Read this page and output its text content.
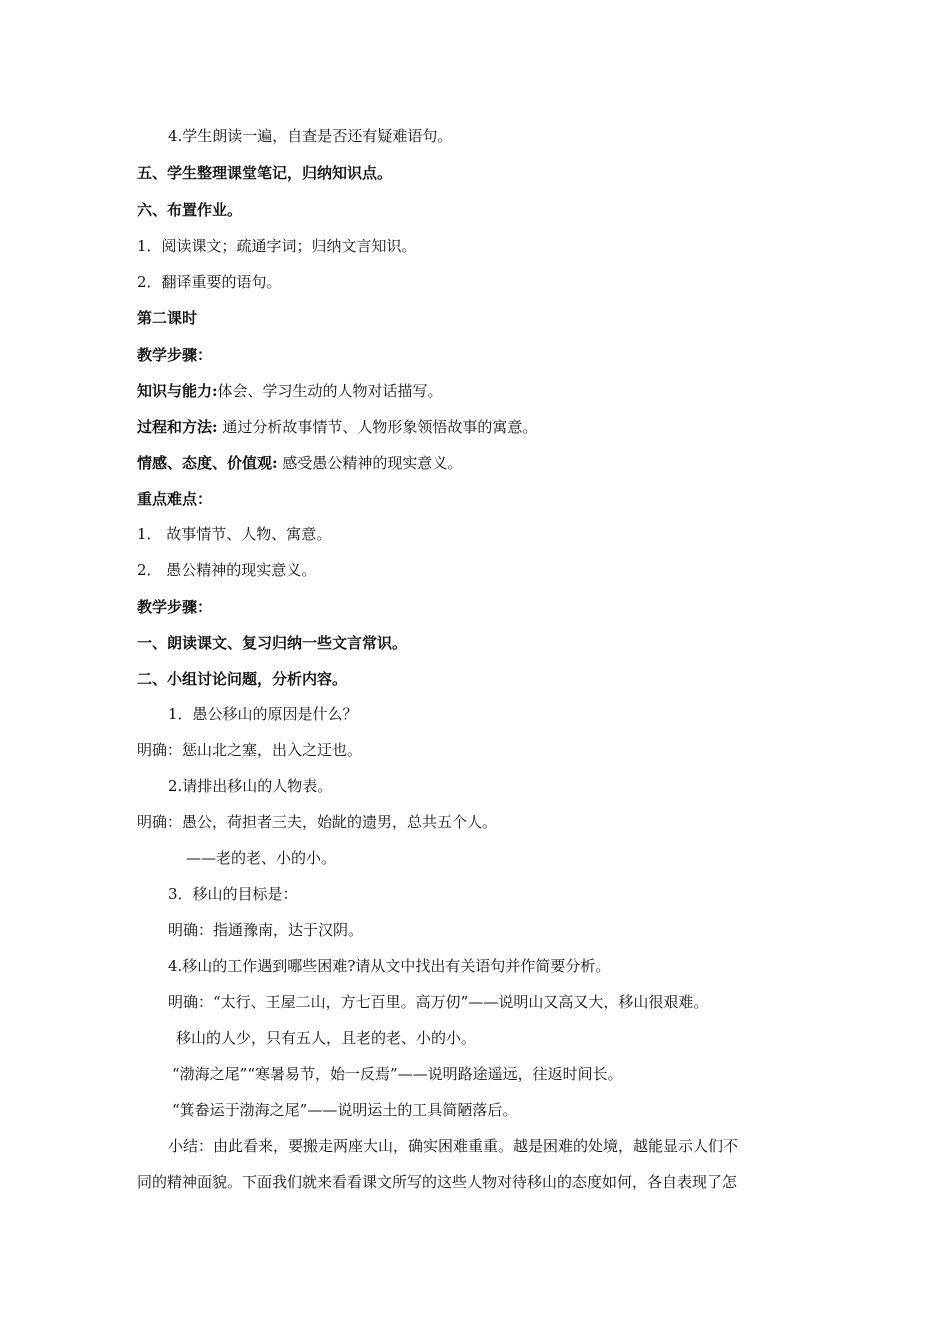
4.学生朗读一遍，自查是否还有疑难语句。
五、学生整理课堂笔记，归纳知识点。
六、布置作业。
1．阅读课文；疏通字词；归纳文言知识。
2．翻译重要的语句。
第二课时
教学步骤：
知识与能力:体会、学习生动的人物对话描写。
过程和方法: 通过分析故事情节、人物形象领悟故事的寓意。
情感、态度、价值观: 感受愚公精神的现实意义。
重点难点：
1． 故事情节、人物、寓意。
2． 愚公精神的现实意义。
教学步骤：
一、朗读课文、复习归纳一些文言常识。
二、小组讨论问题，分析内容。
1．愚公移山的原因是什么？
明确：惩山北之塞，出入之迂也。
2.请排出移山的人物表。
明确：愚公，荷担者三夫，始龀的遗男，总共五个人。
——老的老、小的小。
3．移山的目标是：
明确：指通豫南，达于汉阴。
4.移山的工作遇到哪些困难?请从文中找出有关语句并作简要分析。
明确：“太行、王屋二山，方七百里。高万仞”——说明山又高又大，移山很艰难。
移山的人少，只有五人，且老的老、小的小。
“渤海之尾”“寒暑易节，始一反焉”——说明路途遥远，往返时间长。
“箕畚运于渤海之尾”——说明运土的工具简陋落后。
小结：由此看来，要搬走两座大山，确实困难重重。越是困难的处境，越能显示人们不
同的精神面貌。下面我们就来看看课文所写的这些人物对待移山的态度如何，各自表现了怎
